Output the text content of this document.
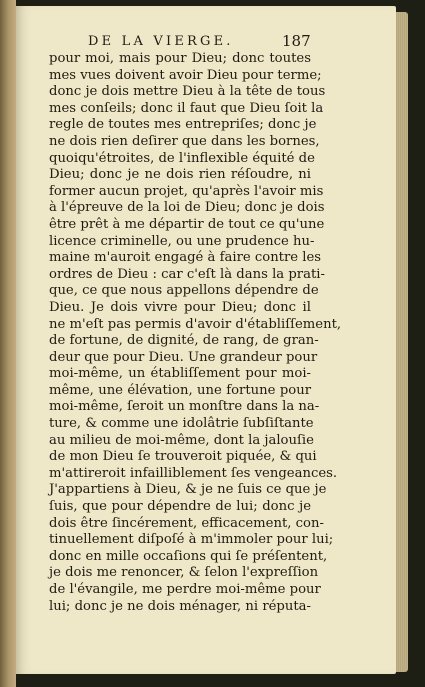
DE LA VIERGE.	187
pour moi, mais pour Dieu; donc toutes
mes vues doivent avoir Dieu pour terme;
donc je dois mettre Dieu à la tête de tous
mes conſeils; donc il faut que Dieu ſoit la
regle de toutes mes entrepriſes; donc je
ne dois rien deſirer que dans les bornes,
quoiqu'étroites, de l'inflexible équité de
Dieu; donc je ne dois rien réſoudre, ni
former aucun projet, qu'après l'avoir mis
à l'épreuve de la loi de Dieu; donc je dois
être prêt à me départir de tout ce qu'une
licence criminelle, ou une prudence hu-
maine m'auroit engagé à faire contre les
ordres de Dieu : car c'eſt là dans la prati-
que, ce que nous appellons dépendre de
Dieu. Je dois vivre pour Dieu; donc il
ne m'eſt pas permis d'avoir d'établiſſement,
de fortune, de dignité, de rang, de gran-
deur que pour Dieu. Une grandeur pour
moi-même, un établiſſement pour moi-
même, une élévation, une fortune pour
moi-même, ſeroit un monſtre dans la na-
ture, & comme une idolâtrie ſubſiſtante
au milieu de moi-même, dont la jalouſie
de mon Dieu ſe trouveroit piquée, & qui
m'attireroit infailliblement ſes vengeances.
J'appartiens à Dieu, & je ne ſuis ce que je
ſuis, que pour dépendre de lui; donc je
dois être ſincérement, efficacement, con-
tinuellement diſpoſé à m'immoler pour lui;
donc en mille occaſions qui ſe préſentent,
je dois me renoncer, & ſelon l'expreſſion
de l'évangile, me perdre moi-même pour
lui; donc je ne dois ménager, ni réputa-
